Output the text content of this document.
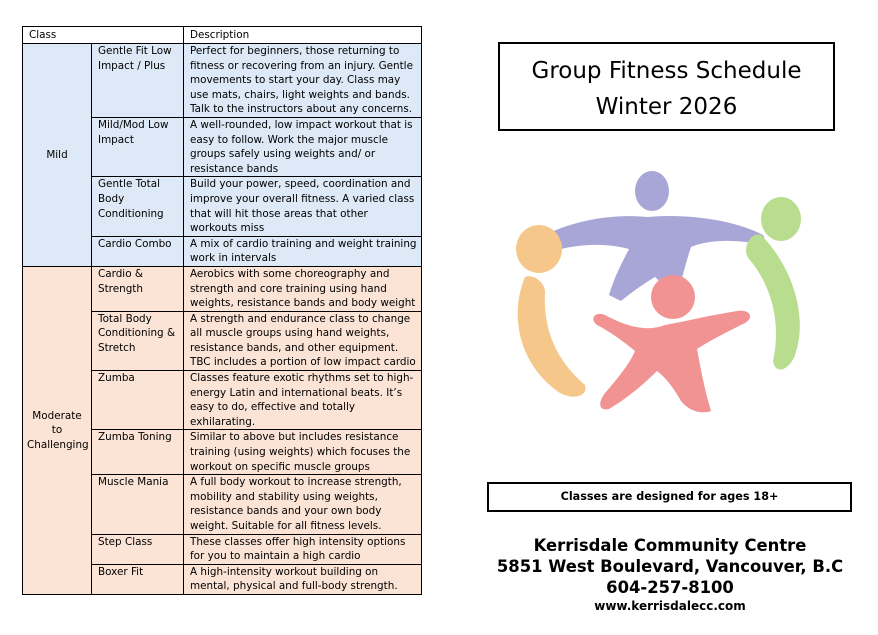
Class		Description
Mild	Gentle Fit Low Impact / Plus	Perfect for beginners, those returning to fitness or recovering from an injury. Gentle movements to start your day. Class may use mats, chairs, light weights and bands. Talk to the instructors about any concerns.
	Mild/Mod Low Impact	A well-rounded, low impact workout that is easy to follow. Work the major muscle groups safely using weights and/ or resistance bands
	Gentle Total Body Conditioning	Build your power, speed, coordination and improve your overall fitness. A varied class that will hit those areas that other workouts miss
	Cardio Combo	A mix of cardio training and weight training work in intervals
Moderate to Challenging	Cardio & Strength	Aerobics with some choreography and strength and core training using hand weights, resistance bands and body weight
	Total Body Conditioning & Stretch	A strength and endurance class to change all muscle groups using hand weights, resistance bands, and other equipment. TBC includes a portion of low impact cardio
	Zumba	Classes feature exotic rhythms set to high-energy Latin and international beats. It’s easy to do, effective and totally exhilarating.
	Zumba Toning	Similar to above but includes resistance training (using weights) which focuses the workout on specific muscle groups
	Muscle Mania	A full body workout to increase strength, mobility and stability using weights, resistance bands and your own body weight. Suitable for all fitness levels.
	Step Class	These classes offer high intensity options for you to maintain a high cardio
	Boxer Fit	A high-intensity workout building on mental, physical and full-body strength.
Group Fitness Schedule
Winter 2026
Classes are designed for ages 18+
Kerrisdale Community Centre
5851 West Boulevard, Vancouver, B.C
604-257-8100
www.kerrisdalecc.com
